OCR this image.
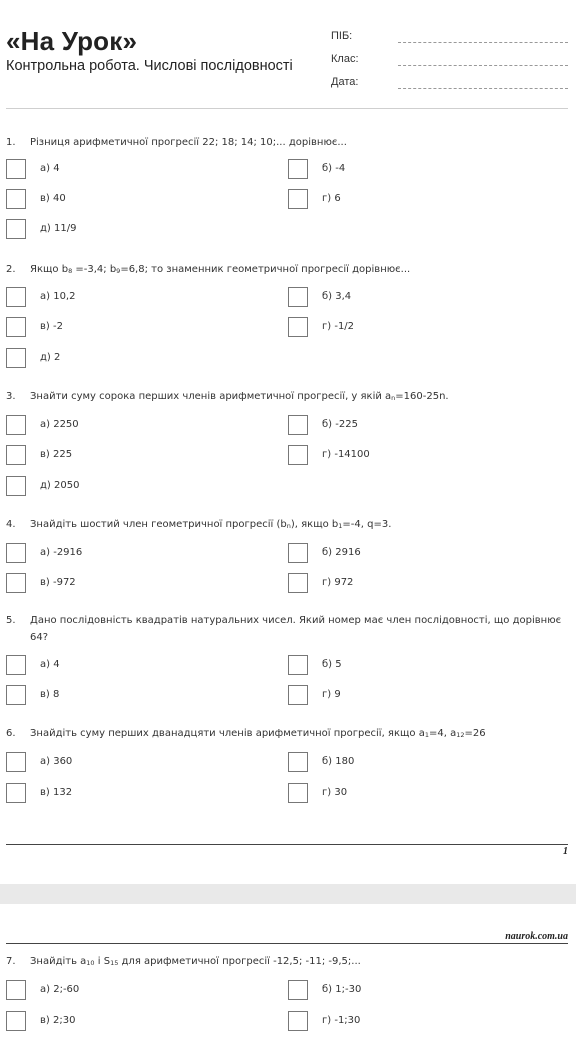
«На Урок»
Контрольна робота. Числові послідовності
ПІБ:
Клас:
Дата:
1. Різниця арифметичної прогресії 22; 18; 14; 10;... дорівнює...
а) 4	б) -4
в) 40	г) 6
д) 11/9
2. Якщо $b_8 =-3,4$; $b_9=6,8$; то знаменник геометричної прогресії дорівнює...
а) 10,2	б) 3,4
в) -2	г) -1/2
д) 2
3. Знайти суму сорока перших членів арифметичної прогресії, у якій $a_n=160-25n$.
а) 2250	б) -225
в) 225	г) -14100
д) 2050
4. Знайдіть шостий член геометричної прогресії $(b_n)$, якщо $b_1=-4$, q=3.
а) -2916	б) 2916
в) -972	г) 972
5. Дано послідовність квадратів натуральних чисел. Який номер має член послідовності, що дорівнює 64?
а) 4	б) 5
в) 8	г) 9
6. Знайдіть суму перших дванадцяти членів арифметичної прогресії, якщо $a_1=4$, $a_{12}=26$
а) 360	б) 180
в) 132	г) 30
1
naurok.com.ua
7. Знайдіть $a_{10}$ і $S_{15}$ для арифметичної прогресії -12,5; -11; -9,5;...
а) 2;-60	б) 1;-30
в) 2;30	г) -1;30
